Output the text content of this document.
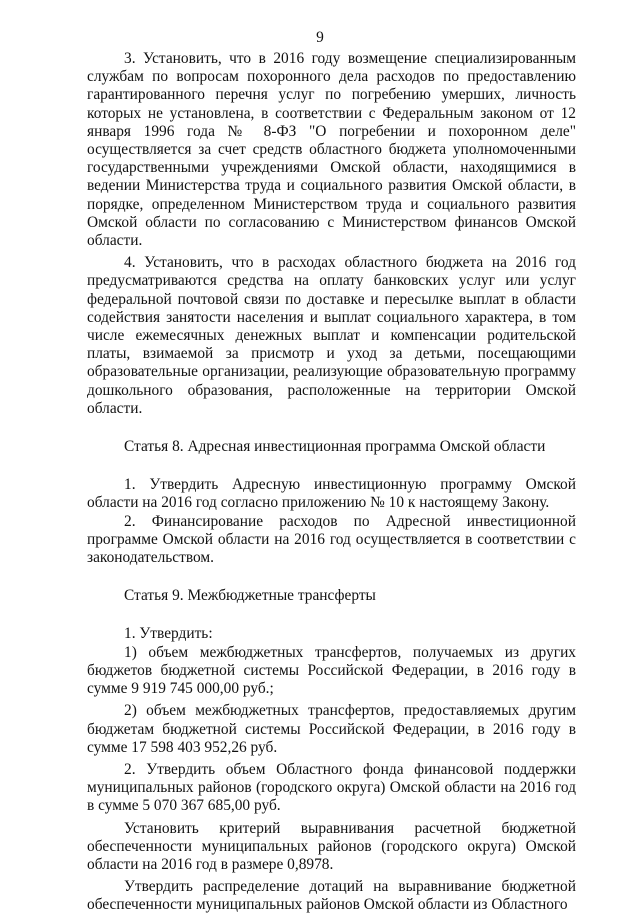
9

3. Установить, что в 2016 году возмещение специализированным службам по вопросам похоронного дела расходов по предоставлению гарантированного перечня услуг по погребению умерших, личность которых не установлена, в соответствии с Федеральным законом от 12 января 1996 года № 8-ФЗ "О погребении и похоронном деле" осуществляется за счет средств областного бюджета уполномоченными государственными учреждениями Омской области, находящимися в ведении Министерства труда и социального развития Омской области, в порядке, определенном Министерством труда и социального развития Омской области по согласованию с Министерством финансов Омской области.

4. Установить, что в расходах областного бюджета на 2016 год предусматриваются средства на оплату банковских услуг или услуг федеральной почтовой связи по доставке и пересылке выплат в области содействия занятости населения и выплат социального характера, в том числе ежемесячных денежных выплат и компенсации родительской платы, взимаемой за присмотр и уход за детьми, посещающими образовательные организации, реализующие образовательную программу дошкольного образования, расположенные на территории Омской области.

Статья 8. Адресная инвестиционная программа Омской области

1. Утвердить Адресную инвестиционную программу Омской области на 2016 год согласно приложению № 10 к настоящему Закону.

2. Финансирование расходов по Адресной инвестиционной программе Омской области на 2016 год осуществляется в соответствии с законодательством.

Статья 9. Межбюджетные трансферты

1. Утвердить:

1) объем межбюджетных трансфертов, получаемых из других бюджетов бюджетной системы Российской Федерации, в 2016 году в сумме 9 919 745 000,00 руб.;

2) объем межбюджетных трансфертов, предоставляемых другим бюджетам бюджетной системы Российской Федерации, в 2016 году в сумме 17 598 403 952,26 руб.

2. Утвердить объем Областного фонда финансовой поддержки муниципальных районов (городского округа) Омской области на 2016 год в сумме 5 070 367 685,00 руб.

Установить критерий выравнивания расчетной бюджетной обеспеченности муниципальных районов (городского округа) Омской области на 2016 год в размере 0,8978.

Утвердить распределение дотаций на выравнивание бюджетной обеспеченности муниципальных районов Омской области из Областного
